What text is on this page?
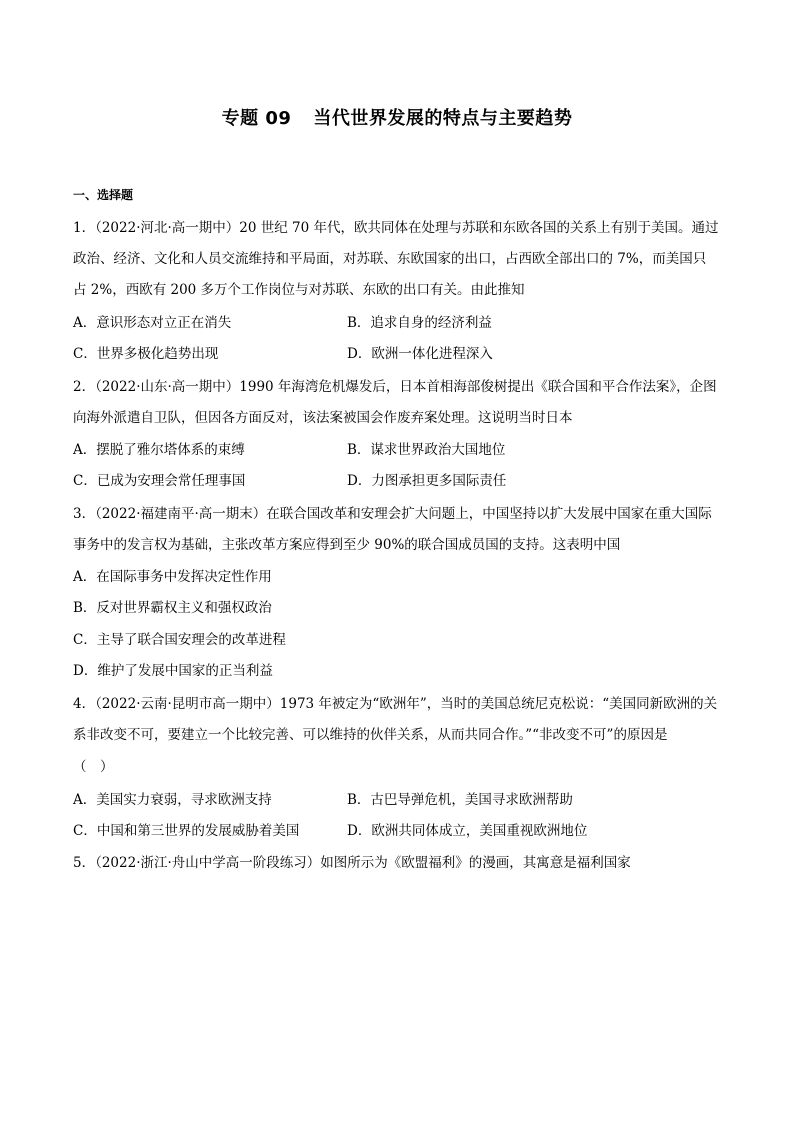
专题 09 当代世界发展的特点与主要趋势
一、选择题
1．（2022·河北·高一期中）20 世纪 70 年代，欧共同体在处理与苏联和东欧各国的关系上有别于美国。通过
政治、经济、文化和人员交流维持和平局面，对苏联、东欧国家的出口，占西欧全部出口的 7%，而美国只
占 2%，西欧有 200 多万个工作岗位与对苏联、东欧的出口有关。由此推知
A．意识形态对立正在消失	B．追求自身的经济利益
C．世界多极化趋势出现	D．欧洲一体化进程深入
2．（2022·山东·高一期中）1990 年海湾危机爆发后，日本首相海部俊树提出《联合国和平合作法案》，企图
向海外派遣自卫队，但因各方面反对，该法案被国会作废弃案处理。这说明当时日本
A．摆脱了雅尔塔体系的束缚	B．谋求世界政治大国地位
C．已成为安理会常任理事国	D．力图承担更多国际责任
3．（2022·福建南平·高一期末）在联合国改革和安理会扩大问题上，中国坚持以扩大发展中国家在重大国际
事务中的发言权为基础，主张改革方案应得到至少 90%的联合国成员国的支持。这表明中国
A．在国际事务中发挥决定性作用
B．反对世界霸权主义和强权政治
C．主导了联合国安理会的改革进程
D．维护了发展中国家的正当利益
4．（2022·云南·昆明市高一期中）1973 年被定为“欧洲年”，当时的美国总统尼克松说：“美国同新欧洲的关
系非改变不可，要建立一个比较完善、可以维持的伙伴关系，从而共同合作。”“非改变不可”的原因是
（　）
A．美国实力衰弱，寻求欧洲支持	B．古巴导弹危机，美国寻求欧洲帮助
C．中国和第三世界的发展威胁着美国	D．欧洲共同体成立，美国重视欧洲地位
5．（2022·浙江·舟山中学高一阶段练习）如图所示为《欧盟福利》的漫画，其寓意是福利国家
